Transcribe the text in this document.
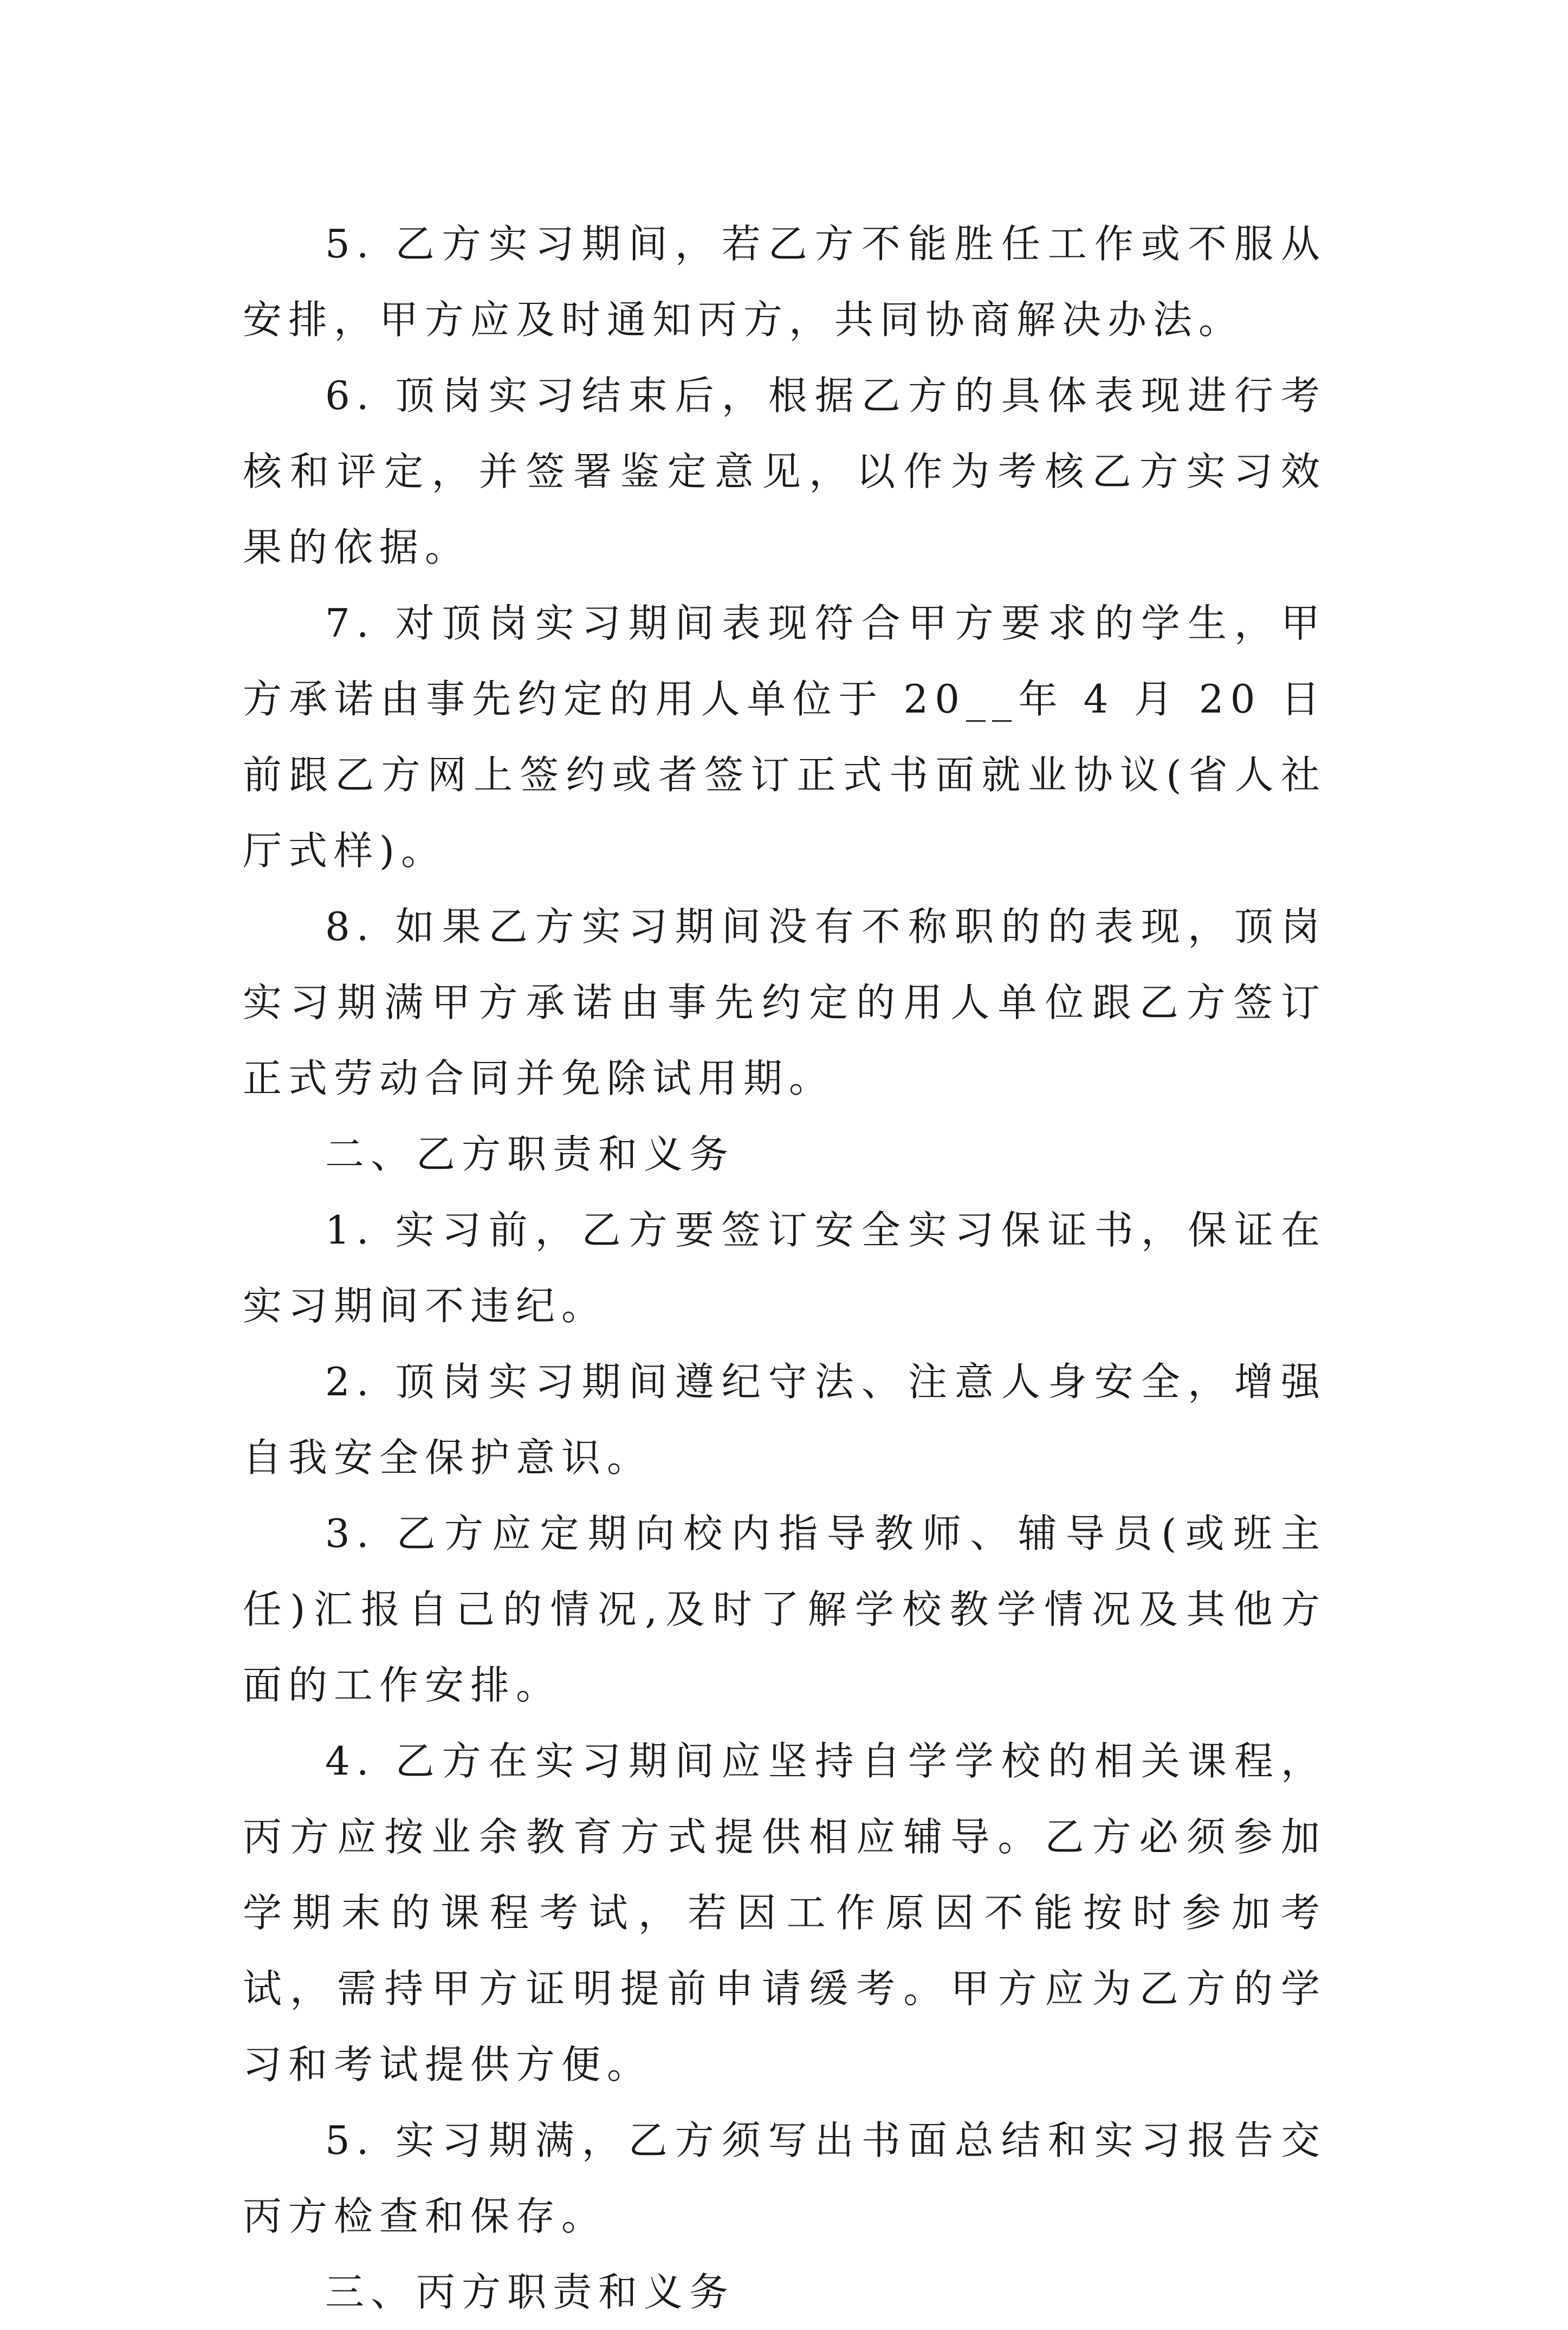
5. 乙方实习期间，若乙方不能胜任工作或不服从安排，甲方应及时通知丙方，共同协商解决办法。

6. 顶岗实习结束后，根据乙方的具体表现进行考核和评定，并签署鉴定意见，以作为考核乙方实习效果的依据。

7. 对顶岗实习期间表现符合甲方要求的学生，甲方承诺由事先约定的用人单位于 20__年 4 月 20 日前跟乙方网上签约或者签订正式书面就业协议(省人社厅式样)。

8. 如果乙方实习期间没有不称职的的表现，顶岗实习期满甲方承诺由事先约定的用人单位跟乙方签订正式劳动合同并免除试用期。

二、乙方职责和义务

1. 实习前，乙方要签订安全实习保证书，保证在实习期间不违纪。

2. 顶岗实习期间遵纪守法、注意人身安全，增强自我安全保护意识。

3. 乙方应定期向校内指导教师、辅导员(或班主任)汇报自己的情况,及时了解学校教学情况及其他方面的工作安排。

4. 乙方在实习期间应坚持自学学校的相关课程，丙方应按业余教育方式提供相应辅导。乙方必须参加学期末的课程考试，若因工作原因不能按时参加考试，需持甲方证明提前申请缓考。甲方应为乙方的学习和考试提供方便。

5. 实习期满，乙方须写出书面总结和实习报告交丙方检查和保存。

三、丙方职责和义务
